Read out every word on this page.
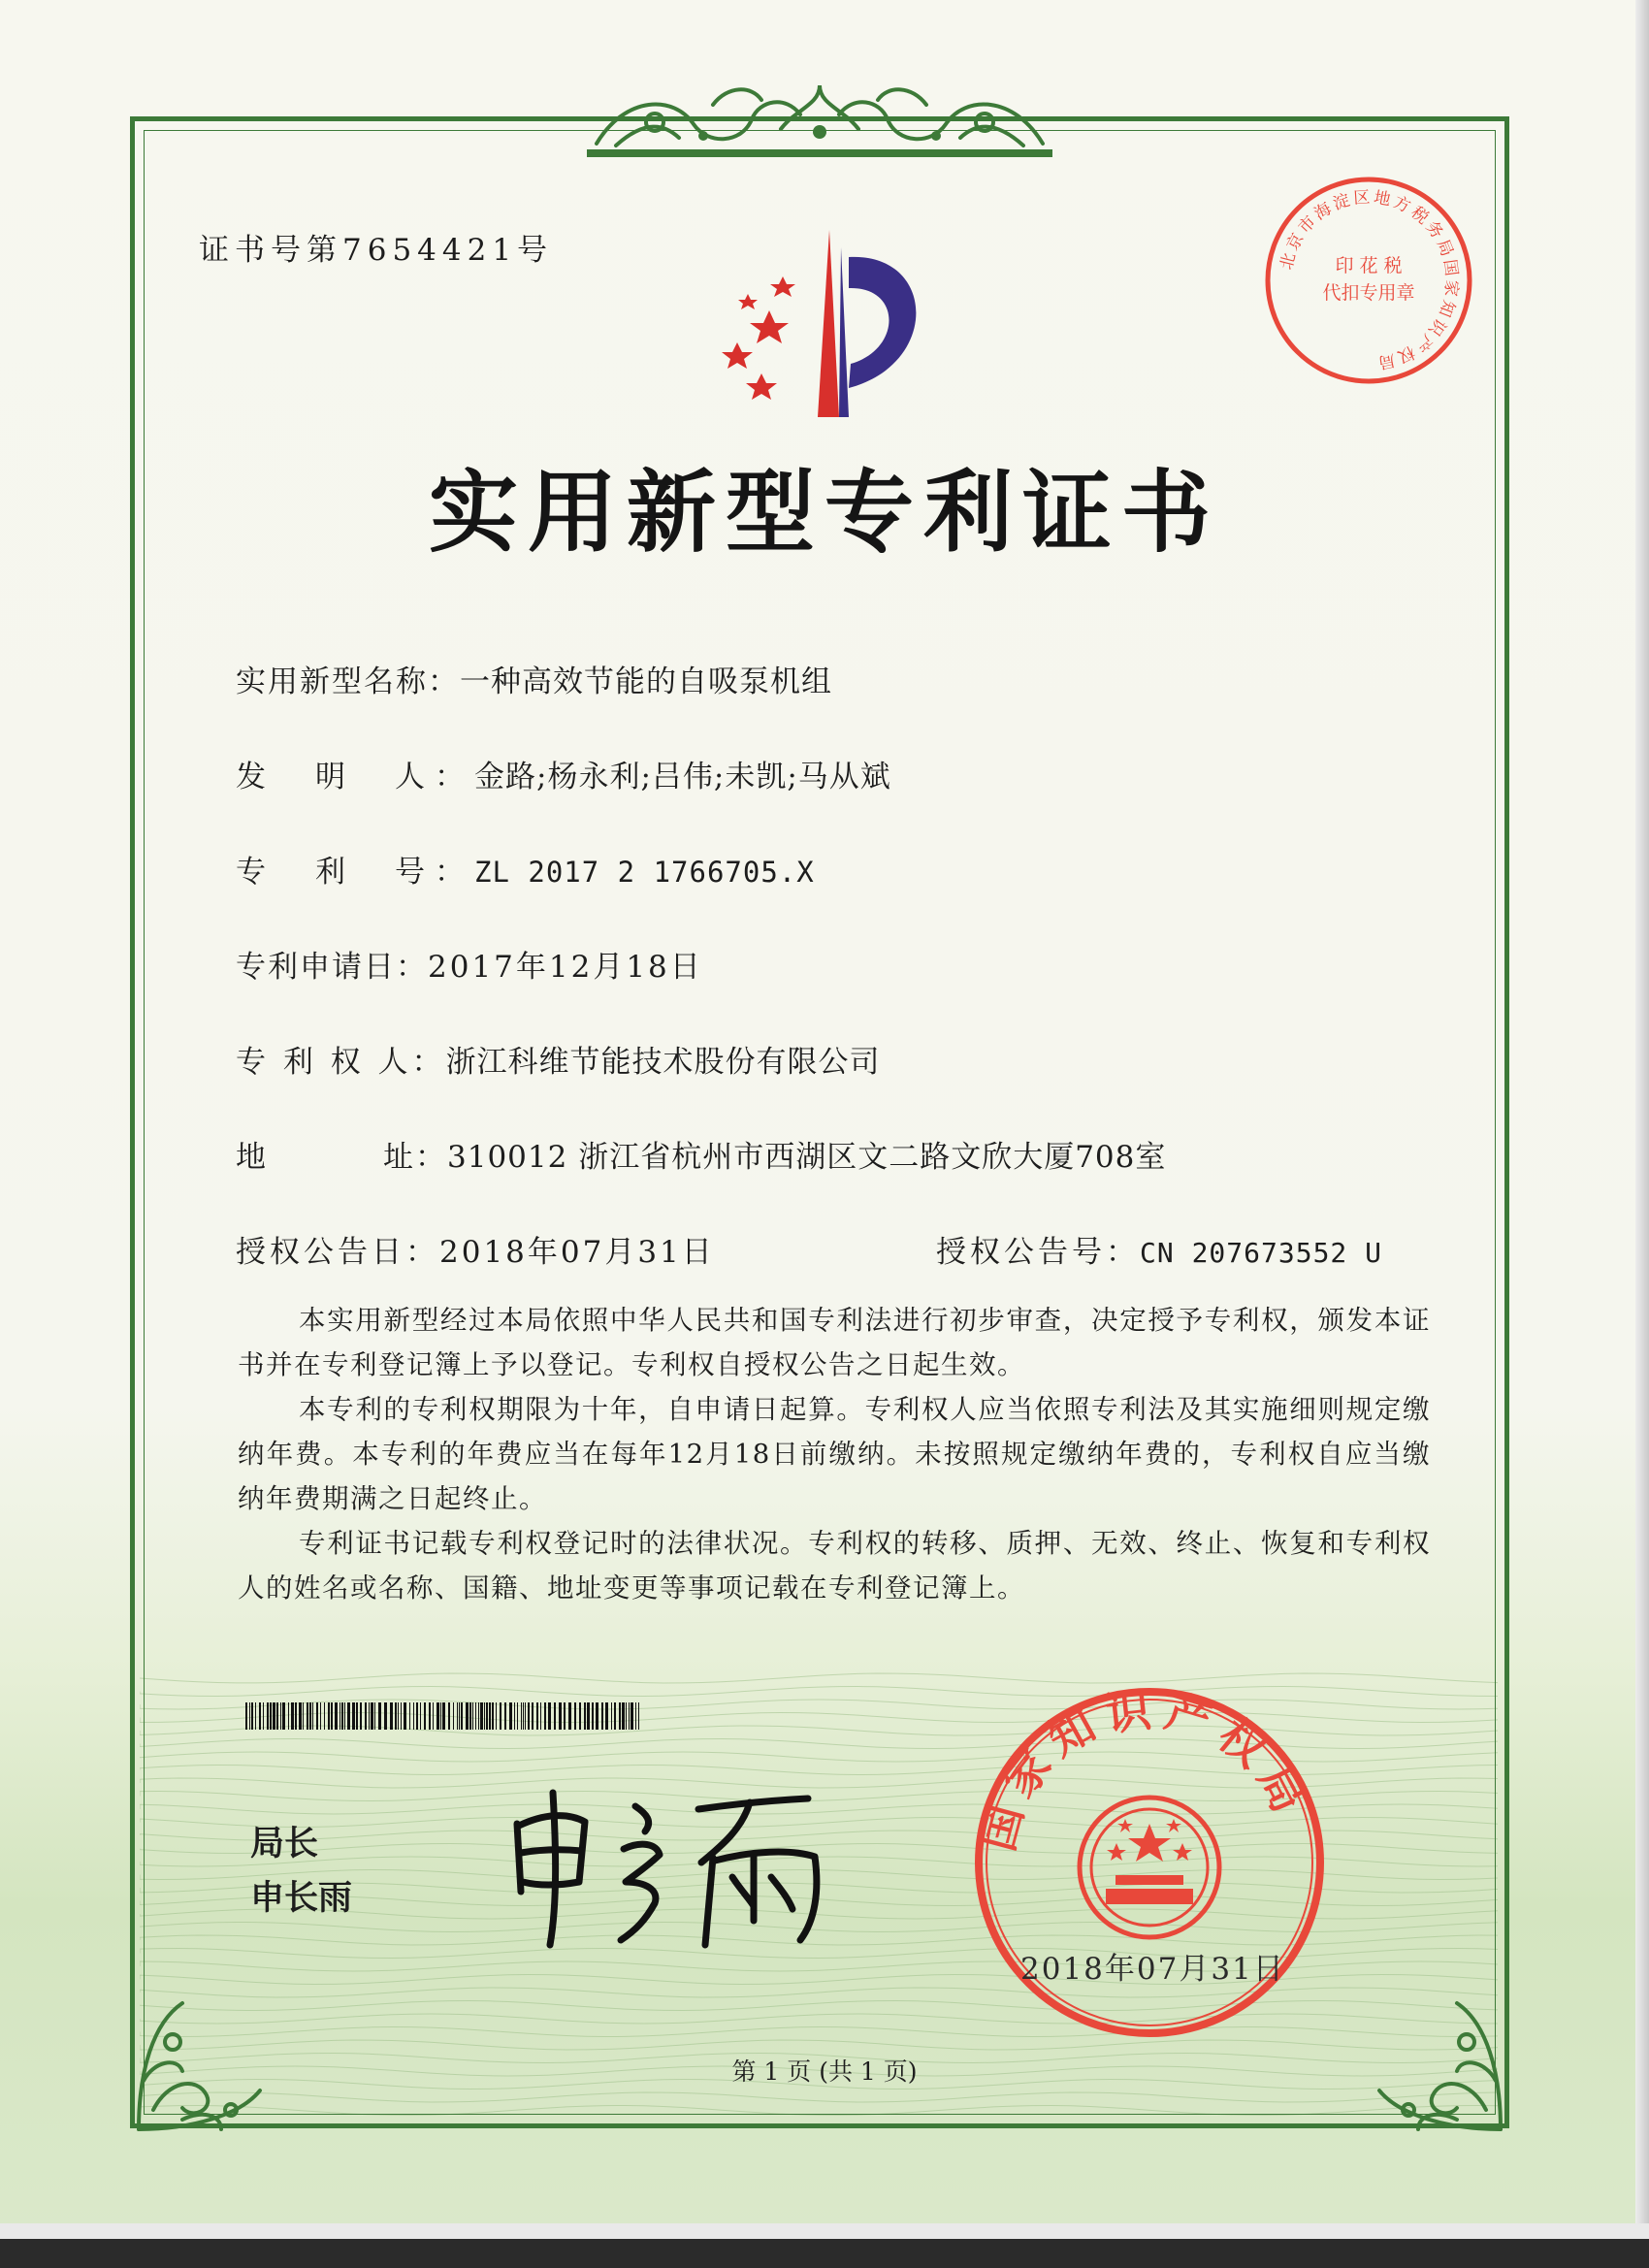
证书号第7654421号	北京市海淀区地方税务局国家知识产权局
印 花 税
代扣专用章
实用新型专利证书
实用新型名称：一种高效节能的自吸泵机组
发　明　人：金路;杨永利;吕伟;未凯;马从斌
专　利　号：ZL 2017 2 1766705.X
专利申请日：2017年12月18日
专 利 权 人：浙江科维节能技术股份有限公司
地	址：310012 浙江省杭州市西湖区文二路文欣大厦708室
授权公告日：2018年07月31日	授权公告号：CN 207673552 U
本实用新型经过本局依照中华人民共和国专利法进行初步审查，决定授予专利权，颁发本证书并在专利登记簿上予以登记。专利权自授权公告之日起生效。
本专利的专利权期限为十年，自申请日起算。专利权人应当依照专利法及其实施细则规定缴纳年费。本专利的年费应当在每年12月18日前缴纳。未按照规定缴纳年费的，专利权自应当缴纳年费期满之日起终止。
专利证书记载专利权登记时的法律状况。专利权的转移、质押、无效、终止、恢复和专利权人的姓名或名称、国籍、地址变更等事项记载在专利登记簿上。
局长
申长雨
国家知识产权局
2018年07月31日
第 1 页 (共 1 页)
